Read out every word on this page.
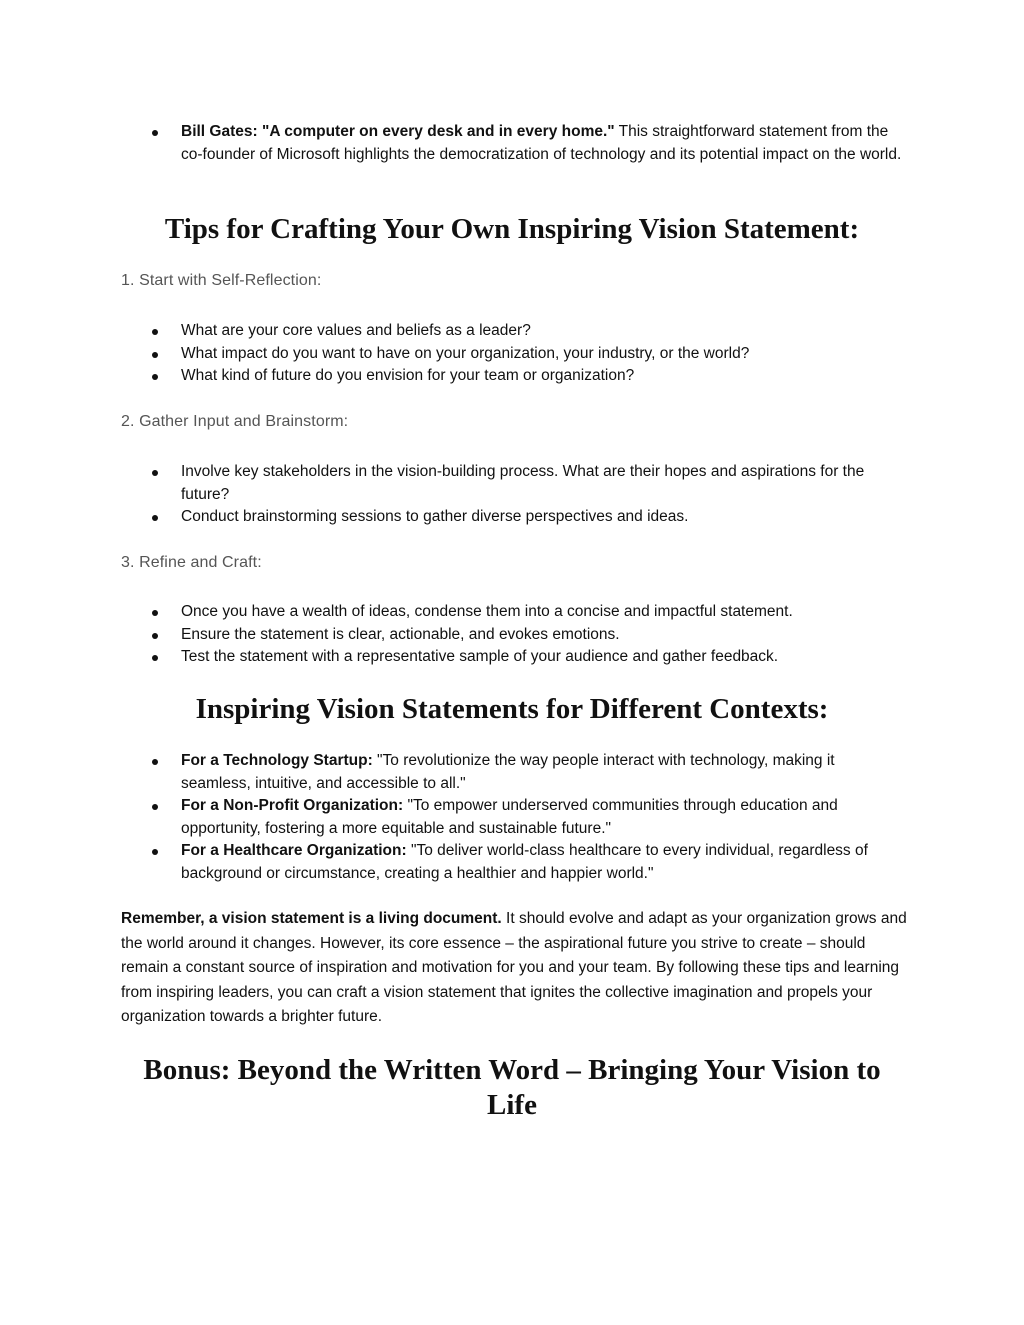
Bill Gates: "A computer on every desk and in every home." This straightforward statement from the co-founder of Microsoft highlights the democratization of technology and its potential impact on the world.
Tips for Crafting Your Own Inspiring Vision Statement:

1. Start with Self-Reflection:

What are your core values and beliefs as a leader?
What impact do you want to have on your organization, your industry, or the world?
What kind of future do you envision for your team or organization?

2. Gather Input and Brainstorm:

Involve key stakeholders in the vision-building process. What are their hopes and aspirations for the future?
Conduct brainstorming sessions to gather diverse perspectives and ideas.

3. Refine and Craft:

Once you have a wealth of ideas, condense them into a concise and impactful statement.
Ensure the statement is clear, actionable, and evokes emotions.
Test the statement with a representative sample of your audience and gather feedback.
Inspiring Vision Statements for Different Contexts:
For a Technology Startup: "To revolutionize the way people interact with technology, making it seamless, intuitive, and accessible to all."
For a Non-Profit Organization: "To empower underserved communities through education and opportunity, fostering a more equitable and sustainable future."
For a Healthcare Organization: "To deliver world-class healthcare to every individual, regardless of background or circumstance, creating a healthier and happier world."

Remember, a vision statement is a living document. It should evolve and adapt as your organization grows and the world around it changes. However, its core essence – the aspirational future you strive to create – should remain a constant source of inspiration and motivation for you and your team. By following these tips and learning from inspiring leaders, you can craft a vision statement that ignites the collective imagination and propels your organization towards a brighter future.

Bonus: Beyond the Written Word – Bringing Your Vision to Life
